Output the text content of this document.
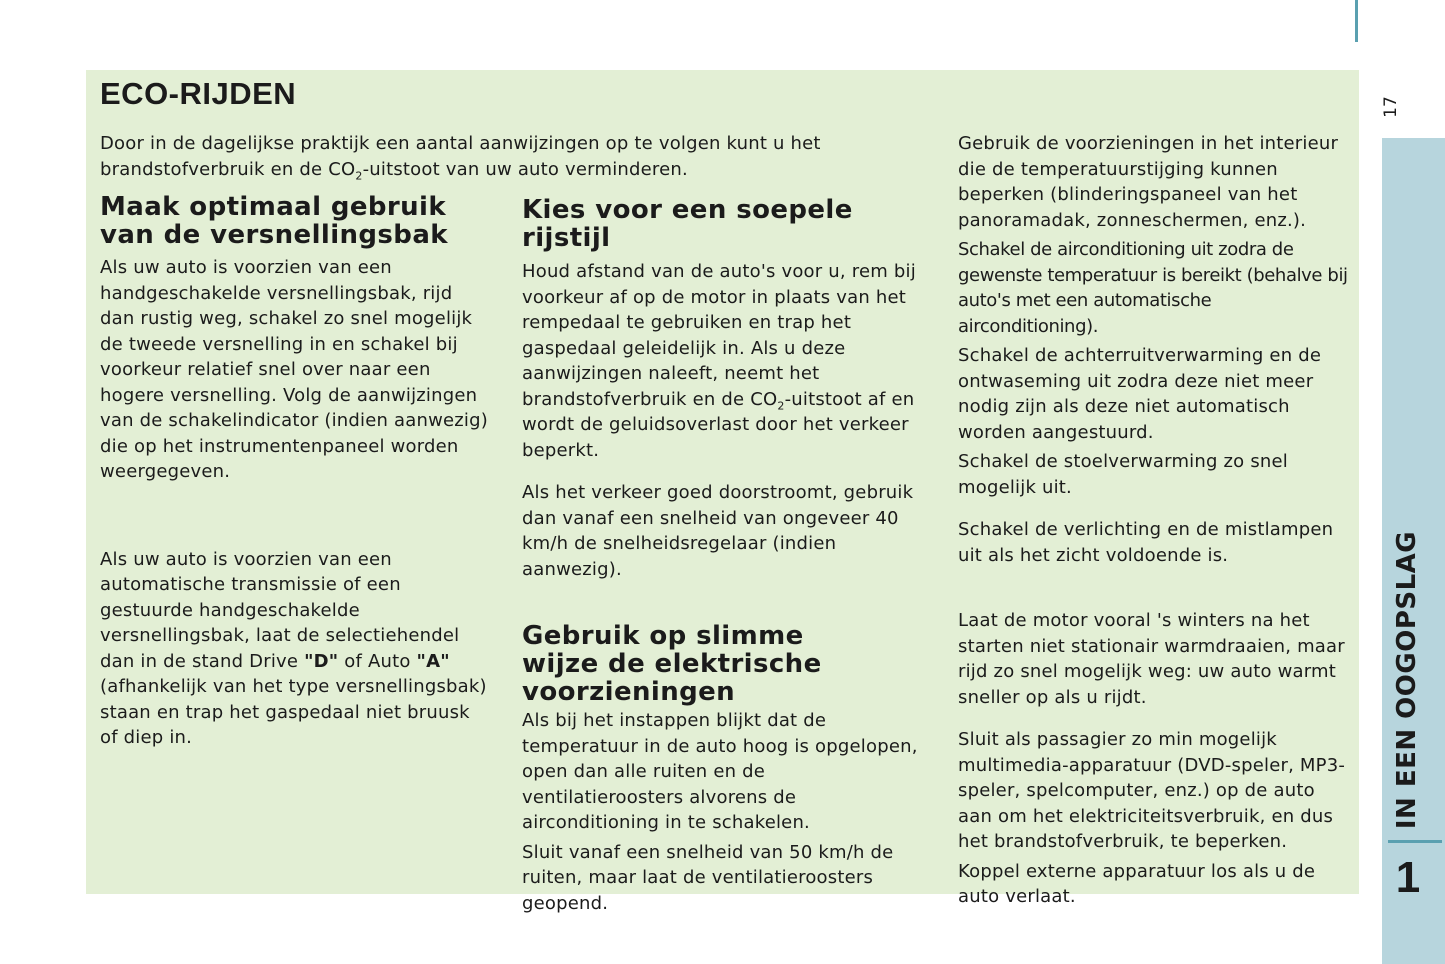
ECO-RIJDEN

Door in de dagelijkse praktijk een aantal aanwijzingen op te volgen kunt u het brandstofverbruik en de $CO_2$-uitstoot van uw auto verminderen.

Maak optimaal gebruik van de versnellingsbak

Als uw auto is voorzien van een handgeschakelde versnellingsbak, rijd dan rustig weg, schakel zo snel mogelijk de tweede versnelling in en schakel bij voorkeur relatief snel over naar een hogere versnelling. Volg de aanwijzingen van de schakelindicator (indien aanwezig) die op het instrumentenpaneel worden weergegeven.

Als uw auto is voorzien van een automatische transmissie of een gestuurde handgeschakelde versnellingsbak, laat de selectiehendel dan in de stand Drive "D" of Auto "A" (afhankelijk van het type versnellingsbak) staan en trap het gaspedaal niet bruusk of diep in.

Kies voor een soepele rijstijl

Houd afstand van de auto's voor u, rem bij voorkeur af op de motor in plaats van het rempedaal te gebruiken en trap het gaspedaal geleidelijk in. Als u deze aanwijzingen naleeft, neemt het brandstofverbruik en de $CO_2$-uitstoot af en wordt de geluidsoverlast door het verkeer beperkt.

Als het verkeer goed doorstroomt, gebruik dan vanaf een snelheid van ongeveer 40 km/h de snelheidsregelaar (indien aanwezig).

Gebruik op slimme wijze de elektrische voorzieningen

Als bij het instappen blijkt dat de temperatuur in de auto hoog is opgelopen, open dan alle ruiten en de ventilatieroosters alvorens de airconditioning in te schakelen.

Sluit vanaf een snelheid van 50 km/h de ruiten, maar laat de ventilatieroosters geopend.

Gebruik de voorzieningen in het interieur die de temperatuurstijging kunnen beperken (blinderingspaneel van het panoramadak, zonneschermen, enz.).

Schakel de airconditioning uit zodra de gewenste temperatuur is bereikt (behalve bij auto's met een automatische airconditioning).

Schakel de achterruitverwarming en de ontwaseming uit zodra deze niet meer nodig zijn als deze niet automatisch worden aangestuurd.

Schakel de stoelverwarming zo snel mogelijk uit.

Schakel de verlichting en de mistlampen uit als het zicht voldoende is.

Laat de motor vooral 's winters na het starten niet stationair warmdraaien, maar rijd zo snel mogelijk weg: uw auto warmt sneller op als u rijdt.

Sluit als passagier zo min mogelijk multimedia-apparatuur (DVD-speler, MP3-speler, spelcomputer, enz.) op de auto aan om het elektriciteitsverbruik, en dus het brandstofverbruik, te beperken.

Koppel externe apparatuur los als u de auto verlaat.

17
IN EEN OOGOPSLAG
1
